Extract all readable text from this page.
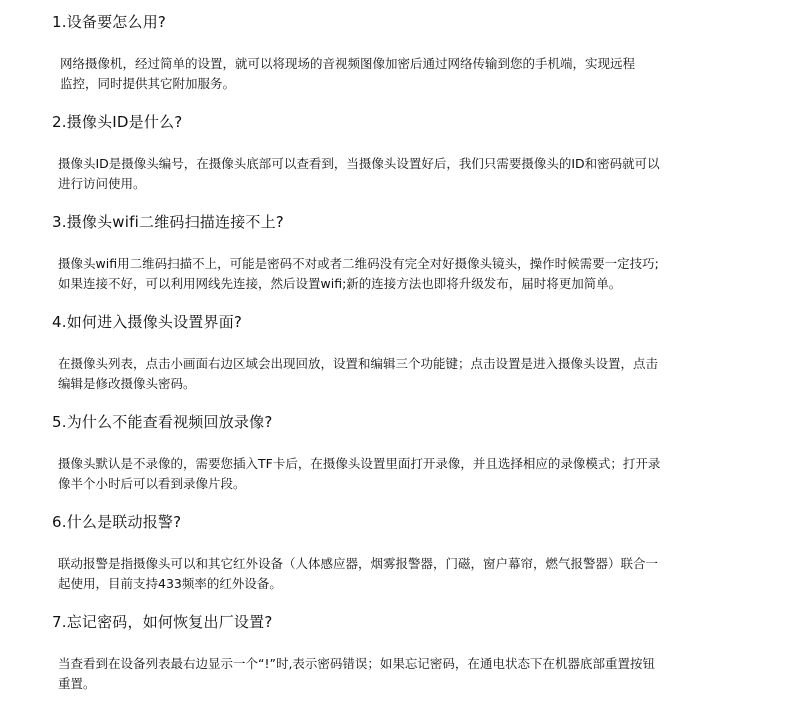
1.设备要怎么用?

网络摄像机，经过简单的设置，就可以将现场的音视频图像加密后通过网络传输到您的手机端，实现远程

监控，同时提供其它附加服务。

2.摄像头ID是什么?

摄像头ID是摄像头编号，在摄像头底部可以查看到，当摄像头设置好后，我们只需要摄像头的ID和密码就可以

进行访问使用。

3.摄像头wifi二维码扫描连接不上?

摄像头wifi用二维码扫描不上，可能是密码不对或者二维码没有完全对好摄像头镜头，操作时候需要一定技巧;

如果连接不好，可以利用网线先连接，然后设置wifi;新的连接方法也即将升级发布，届时将更加简单。

4.如何进入摄像头设置界面?

在摄像头列表，点击小画面右边区域会出现回放，设置和编辑三个功能键；点击设置是进入摄像头设置，点击

编辑是修改摄像头密码。

5.为什么不能查看视频回放录像?

摄像头默认是不录像的，需要您插入TF卡后，在摄像头设置里面打开录像，并且选择相应的录像模式；打开录

像半个小时后可以看到录像片段。

6.什么是联动报警?

联动报警是指摄像头可以和其它红外设备（人体感应器，烟雾报警器，门磁，窗户幕帘，燃气报警器）联合一

起使用，目前支持433频率的红外设备。

7.忘记密码，如何恢复出厂设置?

当查看到在设备列表最右边显示一个“!”时,表示密码错误；如果忘记密码，在通电状态下在机器底部重置按钮

重置。
